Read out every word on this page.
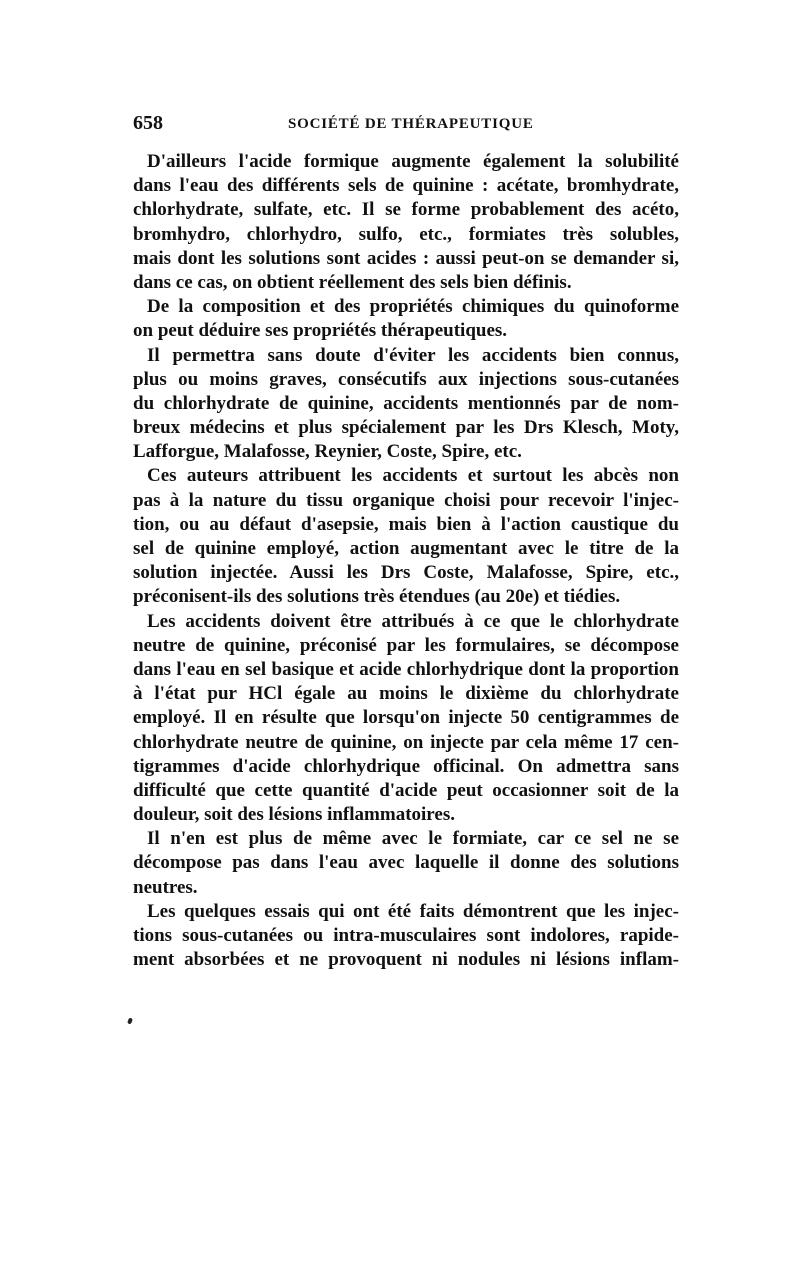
658	SOCIÉTÉ DE THÉRAPEUTIQUE
D'ailleurs l'acide formique augmente également la solubilité
dans l'eau des différents sels de quinine : acétate, bromhydrate,
chlorhydrate, sulfate, etc. Il se forme probablement des acéto,
bromhydro, chlorhydro, sulfo, etc., formiates très solubles,
mais dont les solutions sont acides : aussi peut-on se demander si,
dans ce cas, on obtient réellement des sels bien définis.
De la composition et des propriétés chimiques du quinoforme
on peut déduire ses propriétés thérapeutiques.
Il permettra sans doute d'éviter les accidents bien connus,
plus ou moins graves, consécutifs aux injections sous-cutanées
du chlorhydrate de quinine, accidents mentionnés par de nom-
breux médecins et plus spécialement par les Drs Klesch, Moty,
Lafforgue, Malafosse, Reynier, Coste, Spire, etc.
Ces auteurs attribuent les accidents et surtout les abcès non
pas à la nature du tissu organique choisi pour recevoir l'injec-
tion, ou au défaut d'asepsie, mais bien à l'action caustique du
sel de quinine employé, action augmentant avec le titre de la
solution injectée. Aussi les Drs Coste, Malafosse, Spire, etc.,
préconisent-ils des solutions très étendues (au 20e) et tiédies.
Les accidents doivent être attribués à ce que le chlorhydrate
neutre de quinine, préconisé par les formulaires, se décompose
dans l'eau en sel basique et acide chlorhydrique dont la proportion
à l'état pur HCl égale au moins le dixième du chlorhydrate
employé. Il en résulte que lorsqu'on injecte 50 centigrammes de
chlorhydrate neutre de quinine, on injecte par cela même 17 cen-
tigrammes d'acide chlorhydrique officinal. On admettra sans
difficulté que cette quantité d'acide peut occasionner soit de la
douleur, soit des lésions inflammatoires.
Il n'en est plus de même avec le formiate, car ce sel ne se
décompose pas dans l'eau avec laquelle il donne des solutions
neutres.
Les quelques essais qui ont été faits démontrent que les injec-
tions sous-cutanées ou intra-musculaires sont indolores, rapide-
ment absorbées et ne provoquent ni nodules ni lésions inflam-
